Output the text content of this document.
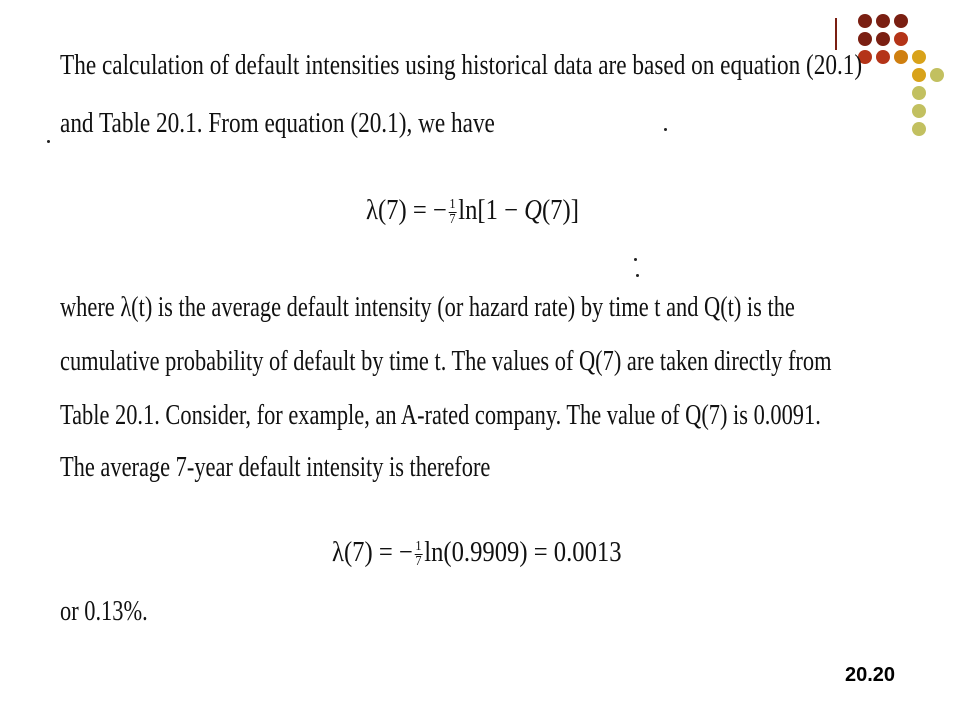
The calculation of default intensities using historical data are based on equation (20.1)
and Table 20.1. From equation (20.1), we have
λ(7) = − $\frac{1}{7} \ln[1 - Q(7)]$
where λ(t) is the average default intensity (or hazard rate) by time t and Q(t) is the
cumulative probability of default by time t. The values of Q(7) are taken directly from
Table 20.1. Consider, for example, an A-rated company. The value of Q(7) is 0.0091.
The average 7-year default intensity is therefore
λ(7) = − $\frac{1}{7} \ln(0.9909) = 0.0013$
or 0.13%.
20.20
